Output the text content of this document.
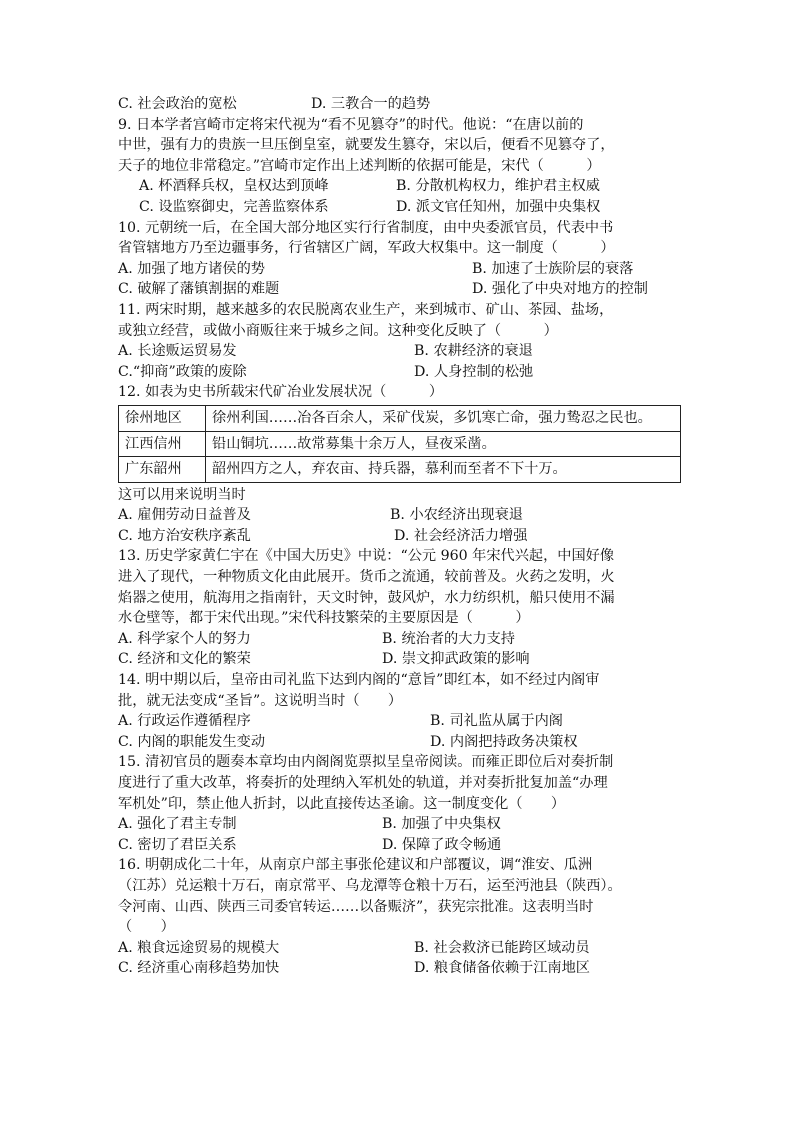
C. 社会政治的宽松	D. 三教合一的趋势
9. 日本学者宫崎市定将宋代视为“看不见篡夺”的时代。他说：“在唐以前的
中世，强有力的贵族一旦压倒皇室，就要发生篡夺，宋以后，便看不见篡夺了，
天子的地位非常稳定。”宫崎市定作出上述判断的依据可能是，宋代（　　　）
A. 杯酒释兵权，皇权达到顶峰	B. 分散机构权力，维护君主权威
C. 设监察御史，完善监察体系	D. 派文官任知州，加强中央集权
10. 元朝统一后，在全国大部分地区实行行省制度，由中央委派官员，代表中书
省管辖地方乃至边疆事务，行省辖区广阔，军政大权集中。这一制度（　　　）
A. 加强了地方诸侯的势	B. 加速了士族阶层的衰落
C. 破解了藩镇割据的难题	D. 强化了中央对地方的控制
11. 两宋时期，越来越多的农民脱离农业生产，来到城市、矿山、茶园、盐场，
或独立经营，或做小商贩往来于城乡之间。这种变化反映了（　　　）
A. 长途贩运贸易发	B. 农耕经济的衰退
C.“抑商”政策的废除	D. 人身控制的松弛
12. 如表为史书所载宋代矿冶业发展状况（　　　）
徐州地区	徐州利国……冶各百余人，采矿伐炭，多饥寒亡命，强力鸷忍之民也。
江西信州	铅山铜坑……故常募集十余万人，昼夜采凿。
广东韶州	韶州四方之人，弃农亩、持兵器，慕利而至者不下十万。
这可以用来说明当时
A. 雇佣劳动日益普及	B. 小农经济出现衰退
C. 地方治安秩序紊乱	D. 社会经济活力增强
13. 历史学家黄仁宇在《中国大历史》中说：“公元 960 年宋代兴起，中国好像
进入了现代，一种物质文化由此展开。货币之流通，较前普及。火药之发明，火
焰器之使用，航海用之指南针，天文时钟，鼓风炉，水力纺织机，船只使用不漏
水仓壁等，都于宋代出现。”宋代科技繁荣的主要原因是（　　　）
A. 科学家个人的努力	B. 统治者的大力支持
C. 经济和文化的繁荣	D. 崇文抑武政策的影响
14. 明中期以后，皇帝由司礼监下达到内阁的“意旨”即红本，如不经过内阁审
批，就无法变成“圣旨”。这说明当时（　　）
A. 行政运作遵循程序	B. 司礼监从属于内阁
C. 内阁的职能发生变动	D. 内阁把持政务决策权
15. 清初官员的题奏本章均由内阁阁览票拟呈皇帝阅读。而雍正即位后对奏折制
度进行了重大改革，将奏折的处理纳入军机处的轨道，并对奏折批复加盖“办理
军机处”印，禁止他人折封，以此直接传达圣谕。这一制度变化（　　）
A. 强化了君主专制	B. 加强了中央集权
C. 密切了君臣关系	D. 保障了政令畅通
16. 明朝成化二十年，从南京户部主事张伦建议和户部覆议，调“淮安、瓜洲
（江苏）兑运粮十万石，南京常平、乌龙潭等仓粮十万石，运至沔池县（陕西）。
令河南、山西、陕西三司委官转运……以备赈济”，获宪宗批准。这表明当时
（　　）
A. 粮食远途贸易的规模大	B. 社会救济已能跨区域动员
C. 经济重心南移趋势加快	D. 粮食储备依赖于江南地区
